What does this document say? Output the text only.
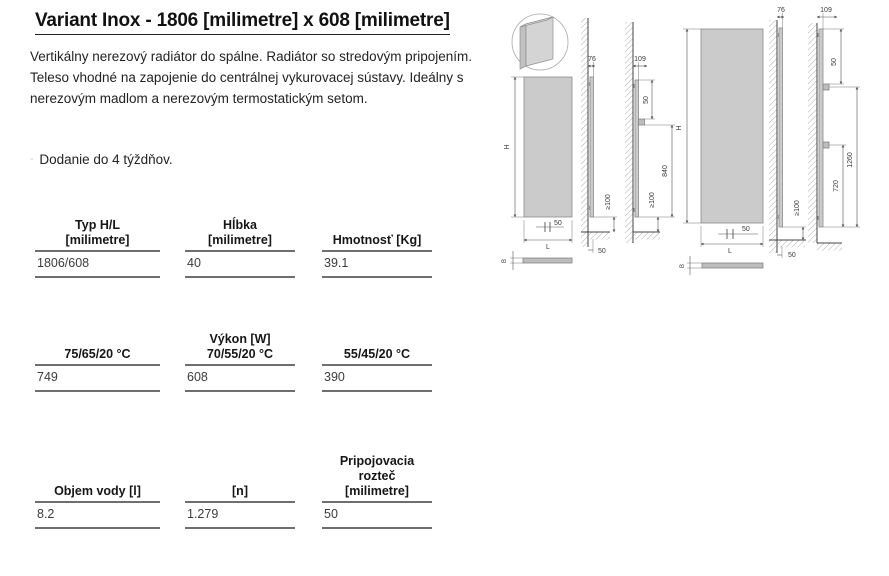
Variant Inox - 1806 [milimetre] x 608 [milimetre]
Vertikálny nerezový radiátor do spálne. Radiátor so stredovým pripojením. Teleso vhodné na zapojenie do centrálnej vykurovacej sústavy. Ideálny s nerezovým madlom a nerezovým termostatickým setom.
- Dodanie do 4 týždňov.
Typ H/L
[milimetre]
1806/608
Hĺbka
[milimetre]
40
Hmotnosť [Kg]
39.1
75/65/20 °C
749
Výkon [W]
70/55/20 °C
608
55/45/20 °C
390
Objem vody [l]
8.2
[n]
1.279
Pripojovacia
rozteč
[milimetre]
50
H
50
L
B
76
≥100
50
109
50
840
≥100
H
50
L
B
76
≥100
50
109
50
1260
720
